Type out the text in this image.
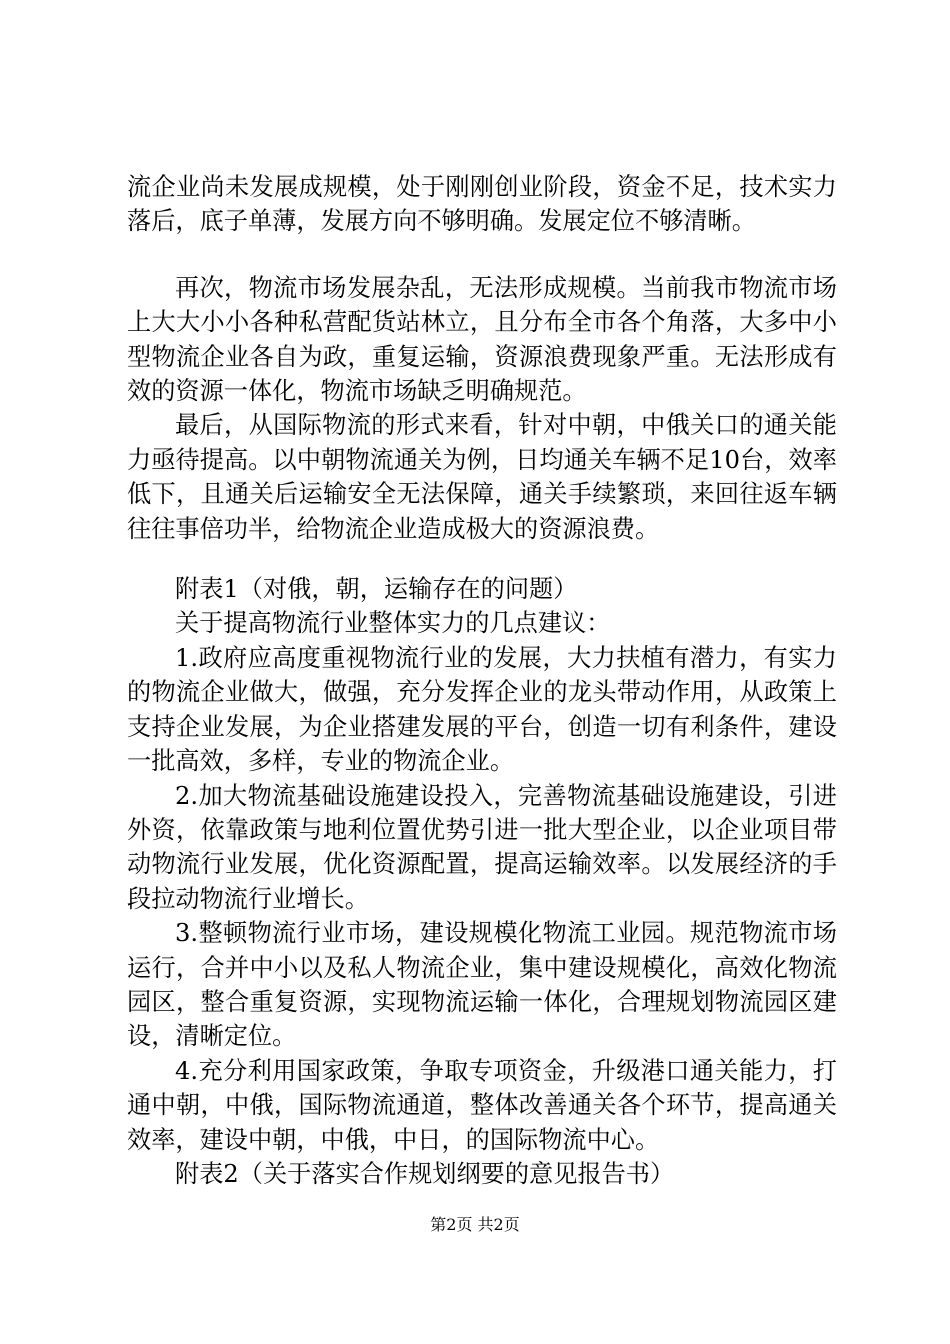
流企业尚未发展成规模，处于刚刚创业阶段，资金不足，技术实力落后，底子单薄，发展方向不够明确。发展定位不够清晰。

再次，物流市场发展杂乱，无法形成规模。当前我市物流市场上大大小小各种私营配货站林立，且分布全市各个角落，大多中小型物流企业各自为政，重复运输，资源浪费现象严重。无法形成有效的资源一体化，物流市场缺乏明确规范。

最后，从国际物流的形式来看，针对中朝，中俄关口的通关能力亟待提高。以中朝物流通关为例，日均通关车辆不足10台，效率低下，且通关后运输安全无法保障，通关手续繁琐，来回往返车辆往往事倍功半，给物流企业造成极大的资源浪费。

附表1（对俄，朝，运输存在的问题）

关于提高物流行业整体实力的几点建议：

1.政府应高度重视物流行业的发展，大力扶植有潜力，有实力的物流企业做大，做强，充分发挥企业的龙头带动作用，从政策上支持企业发展，为企业搭建发展的平台，创造一切有利条件，建设一批高效，多样，专业的物流企业。

2.加大物流基础设施建设投入，完善物流基础设施建设，引进外资，依靠政策与地利位置优势引进一批大型企业，以企业项目带动物流行业发展，优化资源配置，提高运输效率。以发展经济的手段拉动物流行业增长。

3.整顿物流行业市场，建设规模化物流工业园。规范物流市场运行，合并中小以及私人物流企业，集中建设规模化，高效化物流园区，整合重复资源，实现物流运输一体化，合理规划物流园区建设，清晰定位。

4.充分利用国家政策，争取专项资金，升级港口通关能力，打通中朝，中俄，国际物流通道，整体改善通关各个环节，提高通关效率，建设中朝，中俄，中日，的国际物流中心。

附表2（关于落实合作规划纲要的意见报告书）

第2页 共2页
